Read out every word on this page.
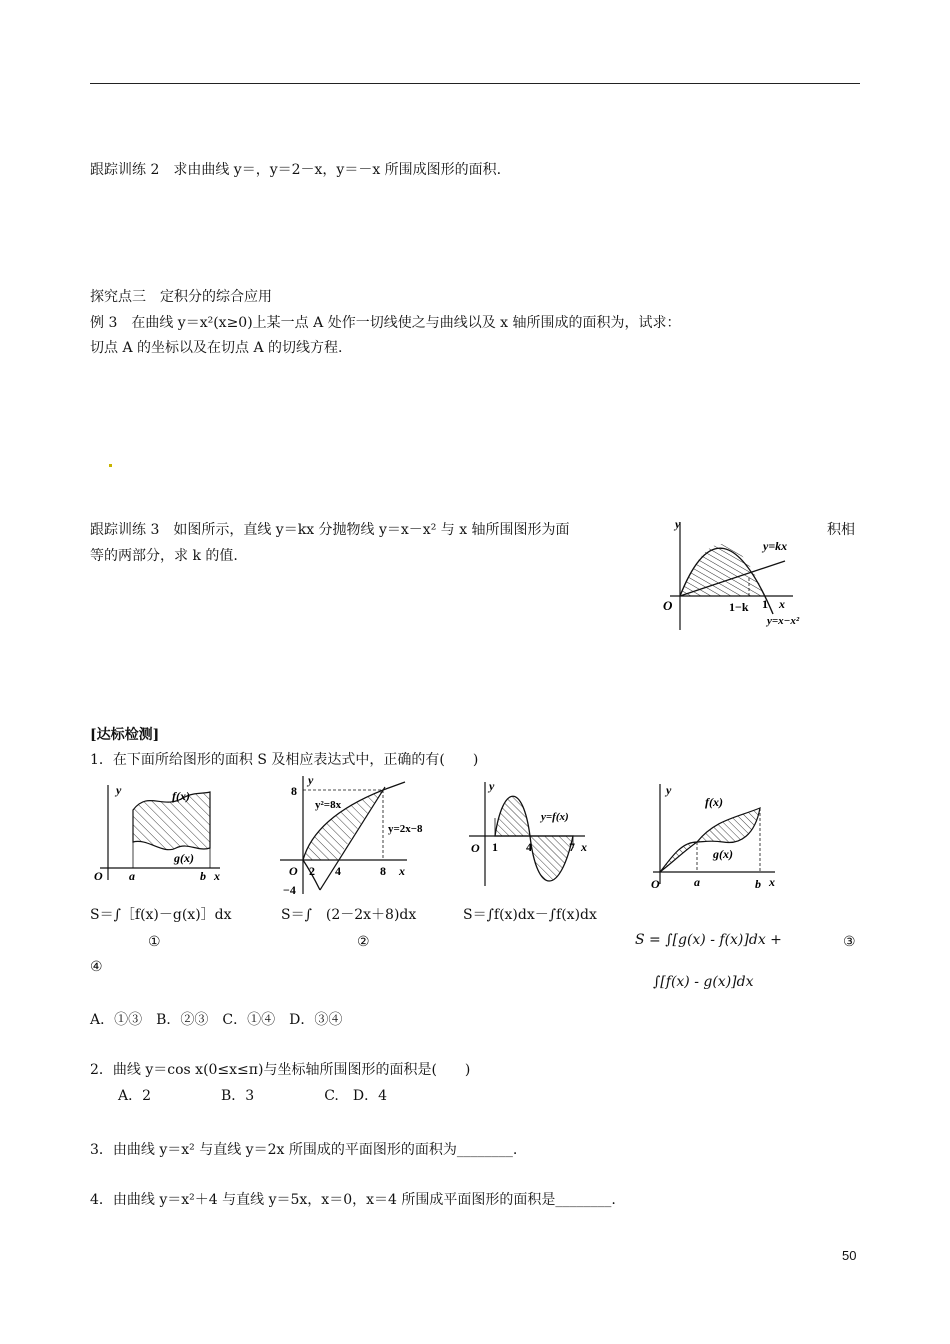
跟踪训练 2　求由曲线 y＝，y＝2－x，y＝－x 所围成图形的面积.
探究点三　定积分的综合应用
例 3　在曲线 y＝x²(x≥0)上某一点 A 处作一切线使之与曲线以及 x 轴所围成的面积为，试求：
切点 A 的坐标以及在切点 A 的切线方程.
跟踪训练 3　如图所示，直线 y＝kx 分抛物线 y＝x－x² 与 x 轴所围图形为面	积相
等的两部分，求 k 的值.
y
y=kx
O	1−k 1 x
y=x−x²
[达标检测]
1．在下面所给图形的面积 S 及相应表达式中，正确的有(　　)
y	f(x)
g(x)
O a	b x
y
8
y²=8x
y=2x−8
O 2 4	8 x
−4
y
y=f(x)
O 1 4	7 x
y
f(x)
g(x)
O	a	b x
S＝∫［f(x)－g(x)］dx	S＝∫　(2－2x＋8)dx	S＝∫f(x)dx－∫f(x)dx
S = ∫[g(x) - f(x)]dx +
∫[f(x) - g(x)]dx
①	②	③
④
A．①③　B．②③　C．①④　D．③④
2．曲线 y＝cos x(0≤x≤π)与坐标轴所围图形的面积是(　　)
A．2　　　　　B．3　　　　　C.　D．4
3．由曲线 y＝x² 与直线 y＝2x 所围成的平面图形的面积为________.
4．由曲线 y＝x²＋4 与直线 y＝5x，x＝0，x＝4 所围成平面图形的面积是________.
50
